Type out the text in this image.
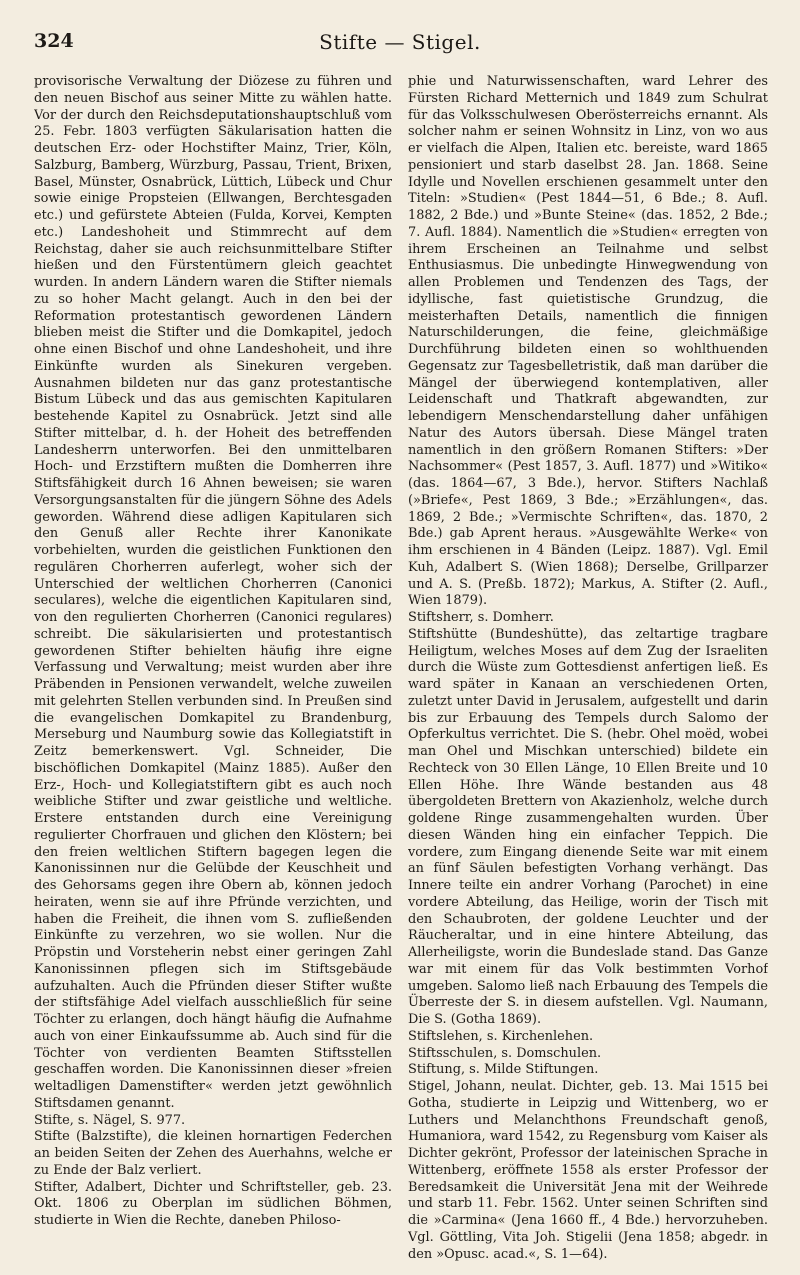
324	Stifte — Stigel.

provisorische Verwaltung der Diözese zu führen und den neuen Bischof aus seiner Mitte zu wählen hatte. Vor der durch den Reichsdeputationshauptschluß vom 25. Febr. 1803 verfügten Säkularisation hatten die deutschen Erz- oder Hochstifter Mainz, Trier, Köln, Salzburg, Bamberg, Würzburg, Passau, Trient, Brixen, Basel, Münster, Osnabrück, Lüttich, Lübeck und Chur sowie einige Propsteien (Ellwangen, Berchtesgaden etc.) und gefürstete Abteien (Fulda, Korvei, Kempten etc.) Landeshoheit und Stimmrecht auf dem Reichstag, daher sie auch reichsunmittelbare Stifter hießen und den Fürstentümern gleich geachtet wurden. In andern Ländern waren die Stifter niemals zu so hoher Macht gelangt. Auch in den bei der Reformation protestantisch gewordenen Ländern blieben meist die Stifter und die Domkapitel, jedoch ohne einen Bischof und ohne Landeshoheit, und ihre Einkünfte wurden als Sinekuren vergeben. Ausnahmen bildeten nur das ganz protestantische Bistum Lübeck und das aus gemischten Kapitularen bestehende Kapitel zu Osnabrück. Jetzt sind alle Stifter mittelbar, d. h. der Hoheit des betreffenden Landesherrn unterworfen. Bei den unmittelbaren Hoch- und Erzstiftern mußten die Domherren ihre Stiftsfähigkeit durch 16 Ahnen beweisen; sie waren Versorgungsanstalten für die jüngern Söhne des Adels geworden. Während diese adligen Kapitularen sich den Genuß aller Rechte ihrer Kanonikate vorbehielten, wurden die geistlichen Funktionen den regulären Chorherren auferlegt, woher sich der Unterschied der weltlichen Chorherren (Canonici seculares), welche die eigentlichen Kapitularen sind, von den regulierten Chorherren (Canonici regulares) schreibt. Die säkularisierten und protestantisch gewordenen Stifter behielten häufig ihre eigne Verfassung und Verwaltung; meist wurden aber ihre Präbenden in Pensionen verwandelt, welche zuweilen mit gelehrten Stellen verbunden sind. In Preußen sind die evangelischen Domkapitel zu Brandenburg, Merseburg und Naumburg sowie das Kollegiatstift in Zeitz bemerkenswert. Vgl. Schneider, Die bischöflichen Domkapitel (Mainz 1885). Außer den Erz-, Hoch- und Kollegiatstiftern gibt es auch noch weibliche Stifter und zwar geistliche und weltliche. Erstere entstanden durch eine Vereinigung regulierter Chorfrauen und glichen den Klöstern; bei den freien weltlichen Stiftern bagegen legen die Kanonissinnen nur die Gelübde der Keuschheit und des Gehorsams gegen ihre Obern ab, können jedoch heiraten, wenn sie auf ihre Pfründe verzichten, und haben die Freiheit, die ihnen vom S. zufließenden Einkünfte zu verzehren, wo sie wollen. Nur die Pröpstin und Vorsteherin nebst einer geringen Zahl Kanonissinnen pflegen sich im Stiftsgebäude aufzuhalten. Auch die Pfründen dieser Stifter wußte der stiftsfähige Adel vielfach ausschließlich für seine Töchter zu erlangen, doch hängt häufig die Aufnahme auch von einer Einkaufssumme ab. Auch sind für die Töchter von verdienten Beamten Stiftsstellen geschaffen worden. Die Kanonissinnen dieser »freien weltadligen Damenstifter« werden jetzt gewöhnlich Stiftsdamen genannt.

Stifte, s. Nägel, S. 977.

Stifte (Balzstifte), die kleinen hornartigen Federchen an beiden Seiten der Zehen des Auerhahns, welche er zu Ende der Balz verliert.

Stifter, Adalbert, Dichter und Schriftsteller, geb. 23. Okt. 1806 zu Oberplan im südlichen Böhmen, studierte in Wien die Rechte, daneben Philoso-

phie und Naturwissenschaften, ward Lehrer des Fürsten Richard Metternich und 1849 zum Schulrat für das Volksschulwesen Oberösterreichs ernannt. Als solcher nahm er seinen Wohnsitz in Linz, von wo aus er vielfach die Alpen, Italien etc. bereiste, ward 1865 pensioniert und starb daselbst 28. Jan. 1868. Seine Idylle und Novellen erschienen gesammelt unter den Titeln: »Studien« (Pest 1844—51, 6 Bde.; 8. Aufl. 1882, 2 Bde.) und »Bunte Steine« (das. 1852, 2 Bde.; 7. Aufl. 1884). Namentlich die »Studien« erregten von ihrem Erscheinen an Teilnahme und selbst Enthusiasmus. Die unbedingte Hinwegwendung von allen Problemen und Tendenzen des Tags, der idyllische, fast quietistische Grundzug, die meisterhaften Details, namentlich die finnigen Naturschilderungen, die feine, gleichmäßige Durchführung bildeten einen so wohlthuenden Gegensatz zur Tagesbelletristik, daß man darüber die Mängel der überwiegend kontemplativen, aller Leidenschaft und Thatkraft abgewandten, zur lebendigern Menschendarstellung daher unfähigen Natur des Autors übersah. Diese Mängel traten namentlich in den größern Romanen Stifters: »Der Nachsommer« (Pest 1857, 3. Aufl. 1877) und »Witiko« (das. 1864—67, 3 Bde.), hervor. Stifters Nachlaß (»Briefe«, Pest 1869, 3 Bde.; »Erzählungen«, das. 1869, 2 Bde.; »Vermischte Schriften«, das. 1870, 2 Bde.) gab Aprent heraus. »Ausgewählte Werke« von ihm erschienen in 4 Bänden (Leipz. 1887). Vgl. Emil Kuh, Adalbert S. (Wien 1868); Derselbe, Grillparzer und A. S. (Preßb. 1872); Markus, A. Stifter (2. Aufl., Wien 1879).

Stiftsherr, s. Domherr.

Stiftshütte (Bundeshütte), das zeltartige tragbare Heiligtum, welches Moses auf dem Zug der Israeliten durch die Wüste zum Gottesdienst anfertigen ließ. Es ward später in Kanaan an verschiedenen Orten, zuletzt unter David in Jerusalem, aufgestellt und darin bis zur Erbauung des Tempels durch Salomo der Opferkultus verrichtet. Die S. (hebr. Ohel moëd, wobei man Ohel und Mischkan unterschied) bildete ein Rechteck von 30 Ellen Länge, 10 Ellen Breite und 10 Ellen Höhe. Ihre Wände bestanden aus 48 übergoldeten Brettern von Akazienholz, welche durch goldene Ringe zusammengehalten wurden. Über diesen Wänden hing ein einfacher Teppich. Die vordere, zum Eingang dienende Seite war mit einem an fünf Säulen befestigten Vorhang verhängt. Das Innere teilte ein andrer Vorhang (Parochet) in eine vordere Abteilung, das Heilige, worin der Tisch mit den Schaubroten, der goldene Leuchter und der Räucheraltar, und in eine hintere Abteilung, das Allerheiligste, worin die Bundeslade stand. Das Ganze war mit einem für das Volk bestimmten Vorhof umgeben. Salomo ließ nach Erbauung des Tempels die Überreste der S. in diesem aufstellen. Vgl. Naumann, Die S. (Gotha 1869).

Stiftslehen, s. Kirchenlehen.

Stiftsschulen, s. Domschulen.

Stiftung, s. Milde Stiftungen.

Stigel, Johann, neulat. Dichter, geb. 13. Mai 1515 bei Gotha, studierte in Leipzig und Wittenberg, wo er Luthers und Melanchthons Freundschaft genoß, Humaniora, ward 1542, zu Regensburg vom Kaiser als Dichter gekrönt, Professor der lateinischen Sprache in Wittenberg, eröffnete 1558 als erster Professor der Beredsamkeit die Universität Jena mit der Weihrede und starb 11. Febr. 1562. Unter seinen Schriften sind die »Carmina« (Jena 1660 ff., 4 Bde.) hervorzuheben. Vgl. Göttling, Vita Joh. Stigelii (Jena 1858; abgedr. in den »Opusc. acad.«, S. 1—64).
